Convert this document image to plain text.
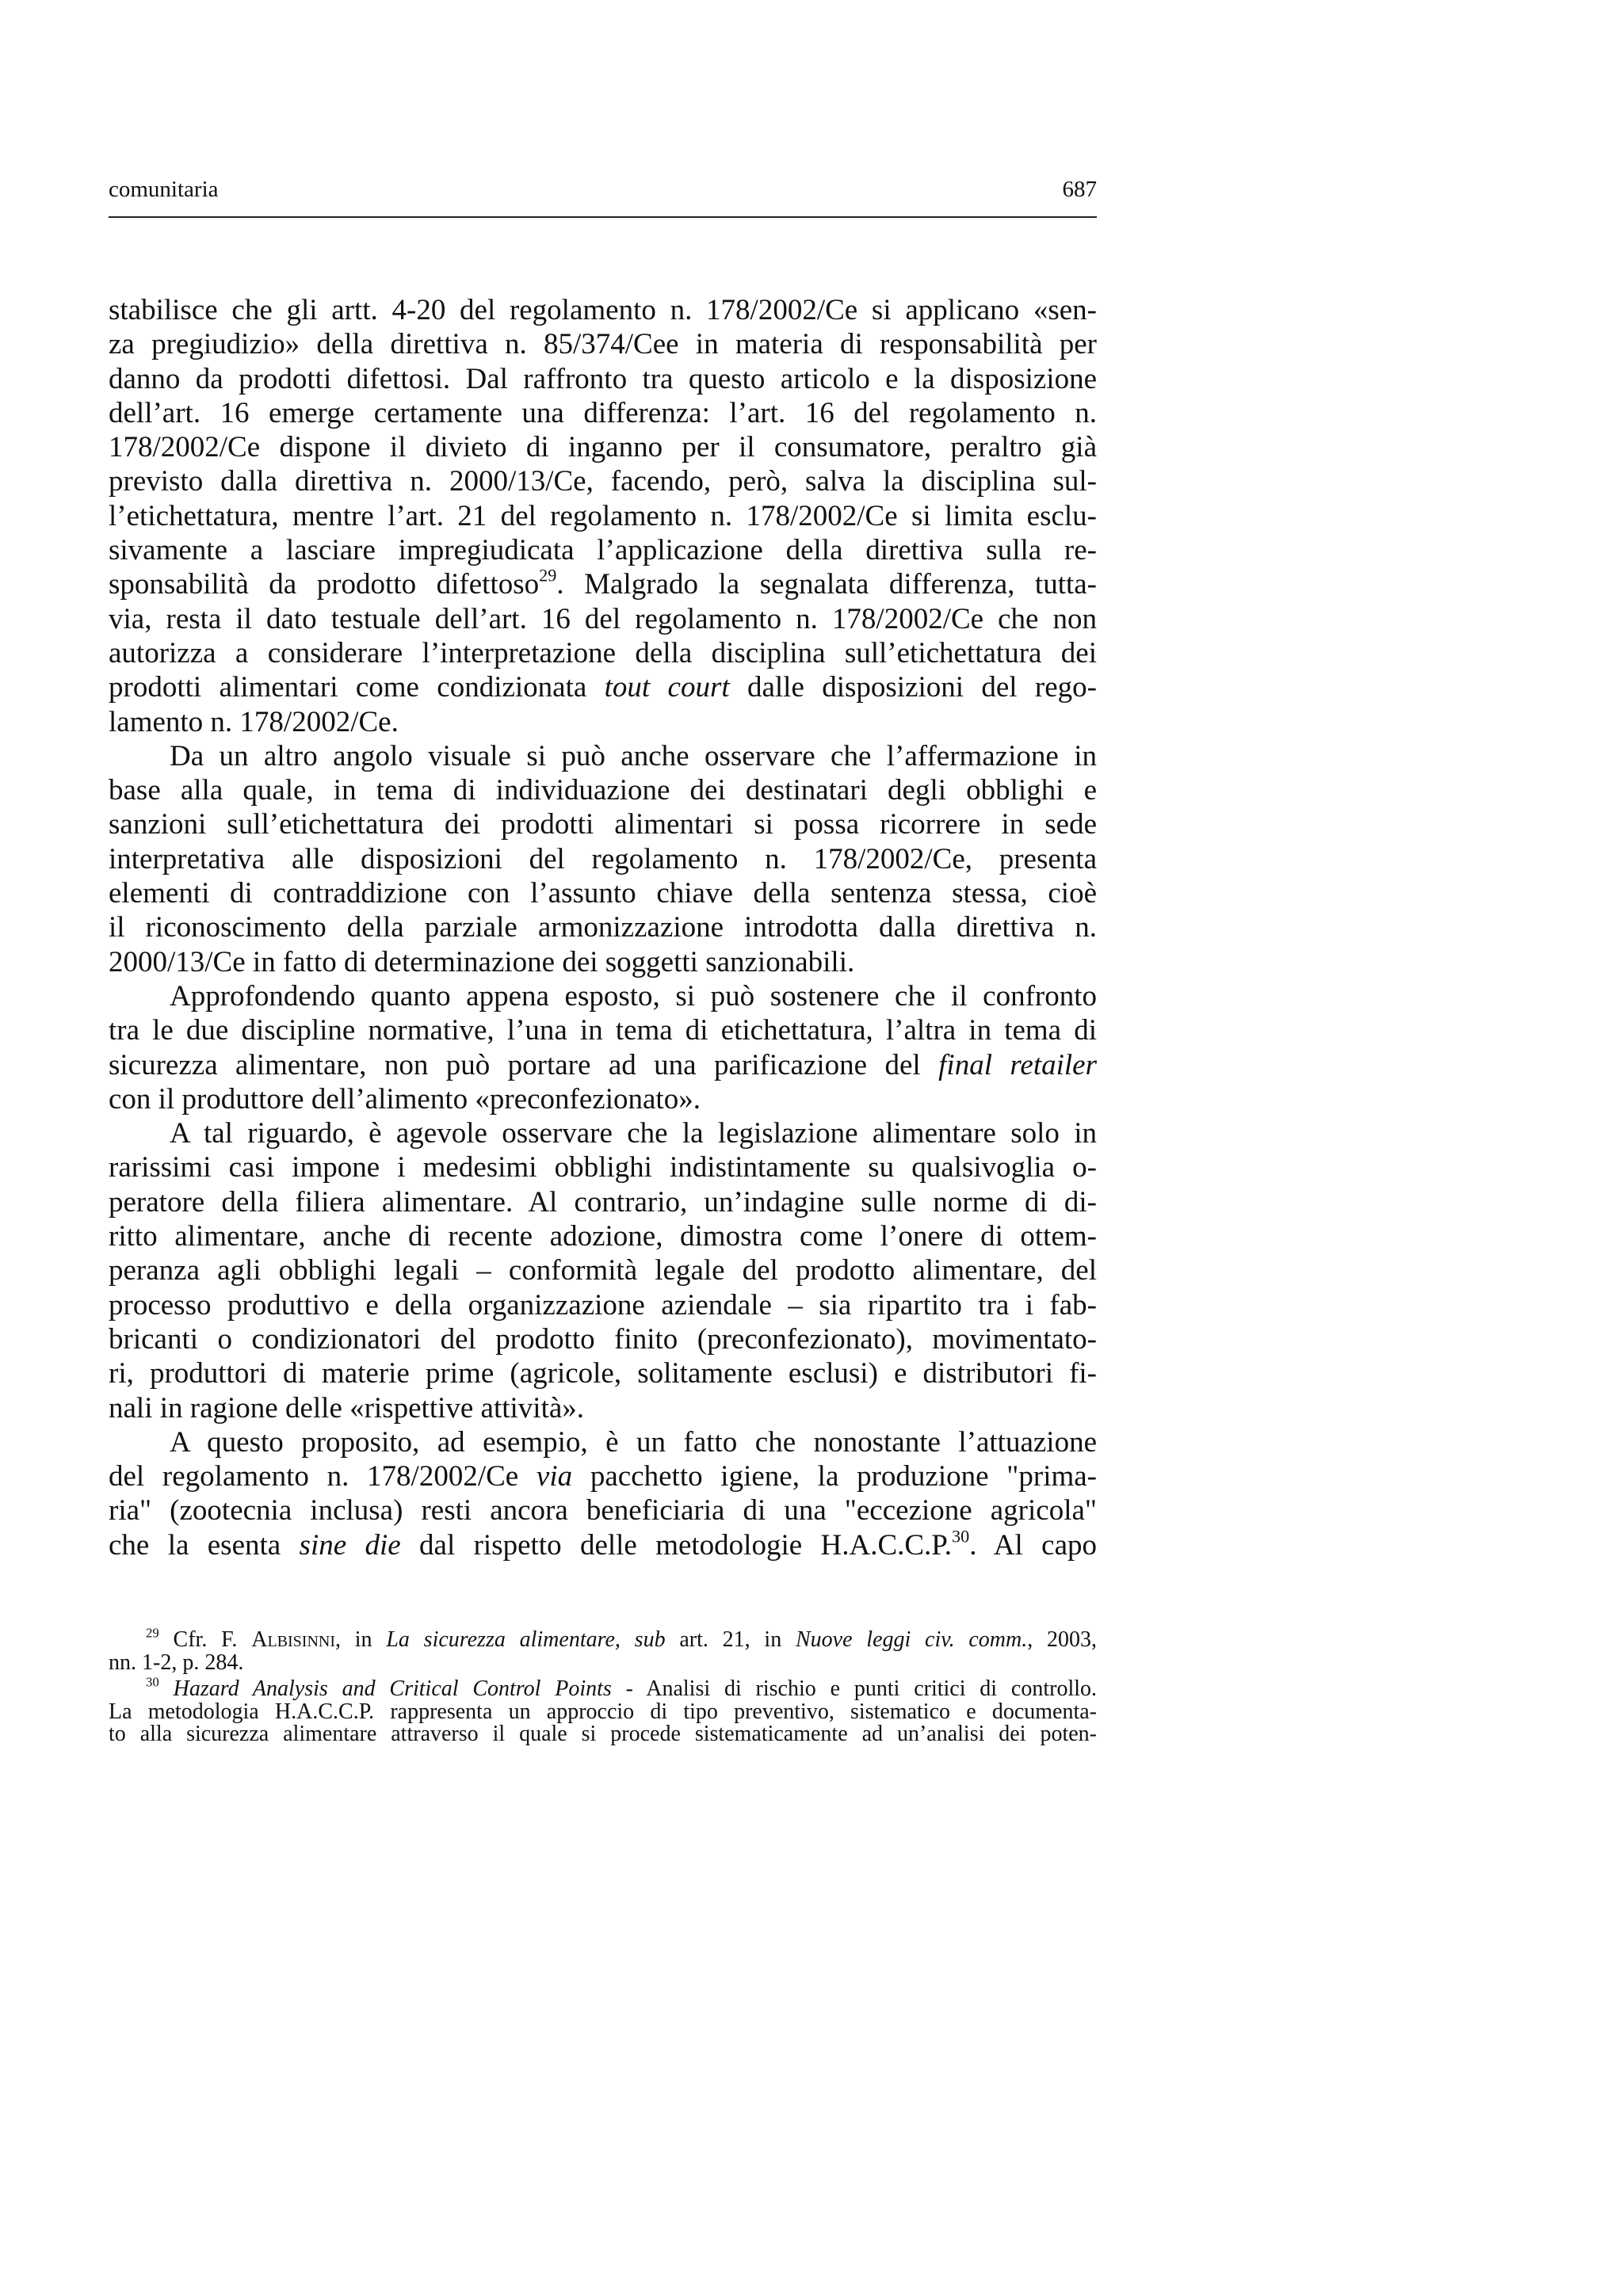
comunitaria	687
stabilisce che gli artt. 4-20 del regolamento n. 178/2002/Ce si applicano «sen-
za pregiudizio» della direttiva n. 85/374/Cee in materia di responsabilità per
danno da prodotti difettosi. Dal raffronto tra questo articolo e la disposizione
dell’art. 16 emerge certamente una differenza: l’art. 16 del regolamento n.
178/2002/Ce dispone il divieto di inganno per il consumatore, peraltro già
previsto dalla direttiva n. 2000/13/Ce, facendo, però, salva la disciplina sul-
l’etichettatura, mentre l’art. 21 del regolamento n. 178/2002/Ce si limita esclu-
sivamente a lasciare impregiudicata l’applicazione della direttiva sulla re-
sponsabilità da prodotto difettoso$^{29}$. Malgrado la segnalata differenza, tutta-
via, resta il dato testuale dell’art. 16 del regolamento n. 178/2002/Ce che non
autorizza a considerare l’interpretazione della disciplina sull’etichettatura dei
prodotti alimentari come condizionata tout court dalle disposizioni del rego-
lamento n. 178/2002/Ce.
Da un altro angolo visuale si può anche osservare che l’affermazione in
base alla quale, in tema di individuazione dei destinatari degli obblighi e
sanzioni sull’etichettatura dei prodotti alimentari si possa ricorrere in sede
interpretativa alle disposizioni del regolamento n. 178/2002/Ce, presenta
elementi di contraddizione con l’assunto chiave della sentenza stessa, cioè
il riconoscimento della parziale armonizzazione introdotta dalla direttiva n.
2000/13/Ce in fatto di determinazione dei soggetti sanzionabili.
Approfondendo quanto appena esposto, si può sostenere che il confronto
tra le due discipline normative, l’una in tema di etichettatura, l’altra in tema di
sicurezza alimentare, non può portare ad una parificazione del final retailer
con il produttore dell’alimento «preconfezionato».
A tal riguardo, è agevole osservare che la legislazione alimentare solo in
rarissimi casi impone i medesimi obblighi indistintamente su qualsivoglia o-
peratore della filiera alimentare. Al contrario, un’indagine sulle norme di di-
ritto alimentare, anche di recente adozione, dimostra come l’onere di ottem-
peranza agli obblighi legali – conformità legale del prodotto alimentare, del
processo produttivo e della organizzazione aziendale – sia ripartito tra i fab-
bricanti o condizionatori del prodotto finito (preconfezionato), movimentato-
ri, produttori di materie prime (agricole, solitamente esclusi) e distributori fi-
nali in ragione delle «rispettive attività».
A questo proposito, ad esempio, è un fatto che nonostante l’attuazione
del regolamento n. 178/2002/Ce via pacchetto igiene, la produzione "prima-
ria" (zootecnia inclusa) resti ancora beneficiaria di una "eccezione agricola"
che la esenta sine die dal rispetto delle metodologie H.A.C.C.P.$^{30}$. Al capo
$^{29}$ Cfr. F. Albisinni, in La sicurezza alimentare, sub art. 21, in Nuove leggi civ. comm., 2003,
nn. 1-2, p. 284.
$^{30}$ Hazard Analysis and Critical Control Points - Analisi di rischio e punti critici di controllo.
La metodologia H.A.C.C.P. rappresenta un approccio di tipo preventivo, sistematico e documenta-
to alla sicurezza alimentare attraverso il quale si procede sistematicamente ad un’analisi dei poten-
